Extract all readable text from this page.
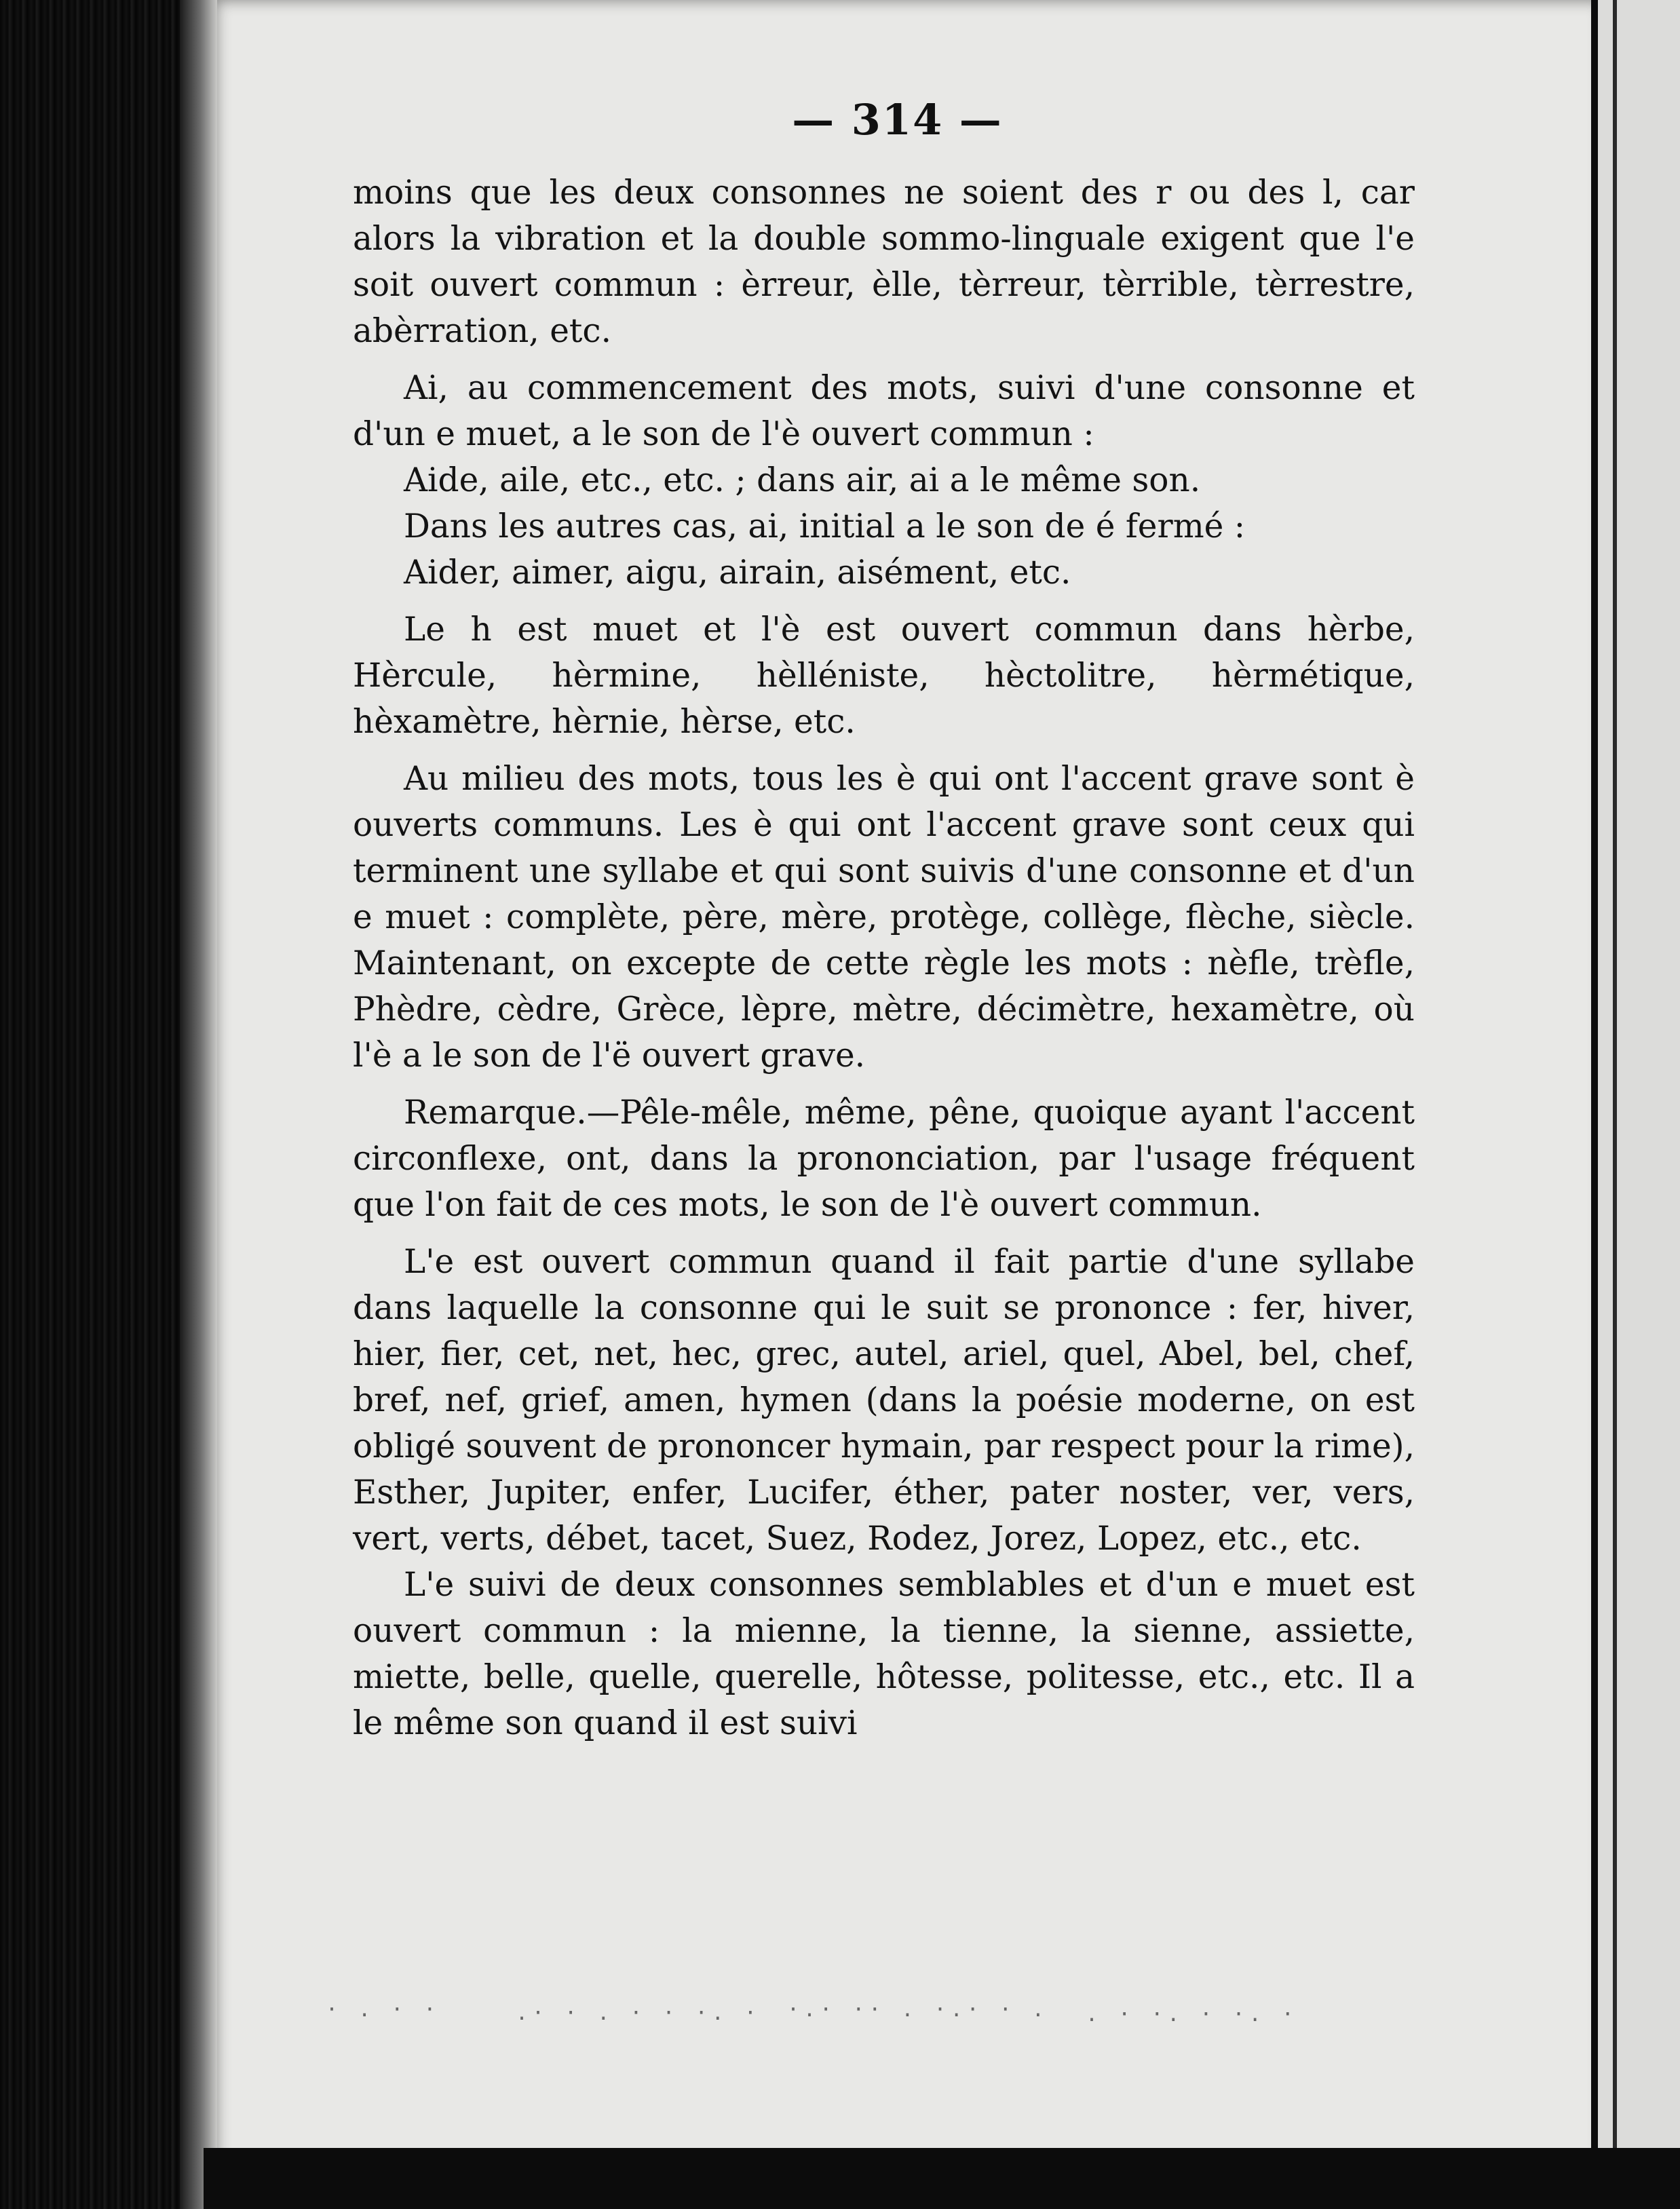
— 314 —

moins que les deux consonnes ne soient des r ou des l, car alors la vibration et la double sommo-linguale exigent que l'e soit ouvert commun : èrreur, èlle, tèrreur, tèrrible, tèrrestre, abèrration, etc.

Ai, au commencement des mots, suivi d'une consonne et d'un e muet, a le son de l'è ouvert commun :

Aide, aile, etc., etc. ; dans air, ai a le même son.

Dans les autres cas, ai, initial a le son de é fermé :

Aider, aimer, aigu, airain, aisément, etc.

Le h est muet et l'è est ouvert commun dans hèrbe, Hèrcule, hèrmine, hèlléniste, hèctolitre, hèrmétique, hèxamètre, hèrnie, hèrse, etc.

Au milieu des mots, tous les è qui ont l'accent grave sont è ouverts communs. Les è qui ont l'accent grave sont ceux qui terminent une syllabe et qui sont suivis d'une consonne et d'un e muet : complète, père, mère, protège, collège, flèche, siècle. Maintenant, on excepte de cette règle les mots : nèfle, trèfle, Phèdre, cèdre, Grèce, lèpre, mètre, décimètre, hexamètre, où l'è a le son de l'ë ouvert grave.

Remarque.—Pêle-mêle, même, pêne, quoique ayant l'accent circonflexe, ont, dans la prononciation, par l'usage fréquent que l'on fait de ces mots, le son de l'è ouvert commun.

L'e est ouvert commun quand il fait partie d'une syllabe dans laquelle la consonne qui le suit se prononce : fer, hiver, hier, fier, cet, net, hec, grec, autel, ariel, quel, Abel, bel, chef, bref, nef, grief, amen, hymen (dans la poésie moderne, on est obligé souvent de prononcer hymain, par respect pour la rime), Esther, Jupiter, enfer, Lucifer, éther, pater noster, ver, vers, vert, verts, débet, tacet, Suez, Rodez, Jorez, Lopez, etc., etc.

L'e suivi de deux consonnes semblables et d'un e muet est ouvert commun : la mienne, la tienne, la sienne, assiette, miette, belle, quelle, querelle, hôtesse, politesse, etc., etc. Il a le même son quand il est suivi

· . · ·	.· · . · · ·. · ·.· ·· . ·.· · . . · ·. · ·. ·
